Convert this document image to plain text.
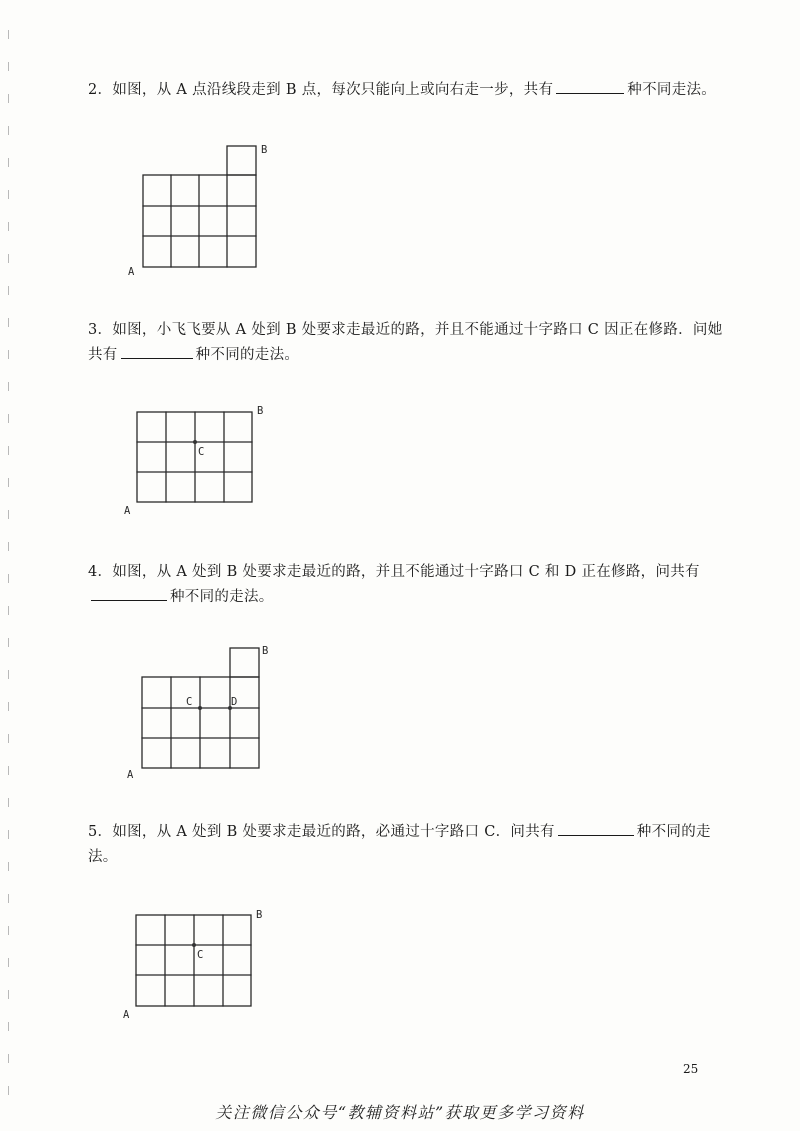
2．如图，从 A 点沿线段走到 B 点，每次只能向上或向右走一步，共有	种不同走法。
3．如图，小飞飞要从 A 处到 B 处要求走最近的路，并且不能通过十字路口 C 因正在修路．问她共有	种不同的走法。
4．如图，从 A 处到 B 处要求走最近的路，并且不能通过十字路口 C 和 D 正在修路，问共有种不同的走法。
5．如图，从 A 处到 B 处要求走最近的路，必通过十字路口 C．问共有	种不同的走法。
A
B
C
A
B
C	D
A
B
C
A
B
25
关注微信公众号“教辅资料站”获取更多学习资料
